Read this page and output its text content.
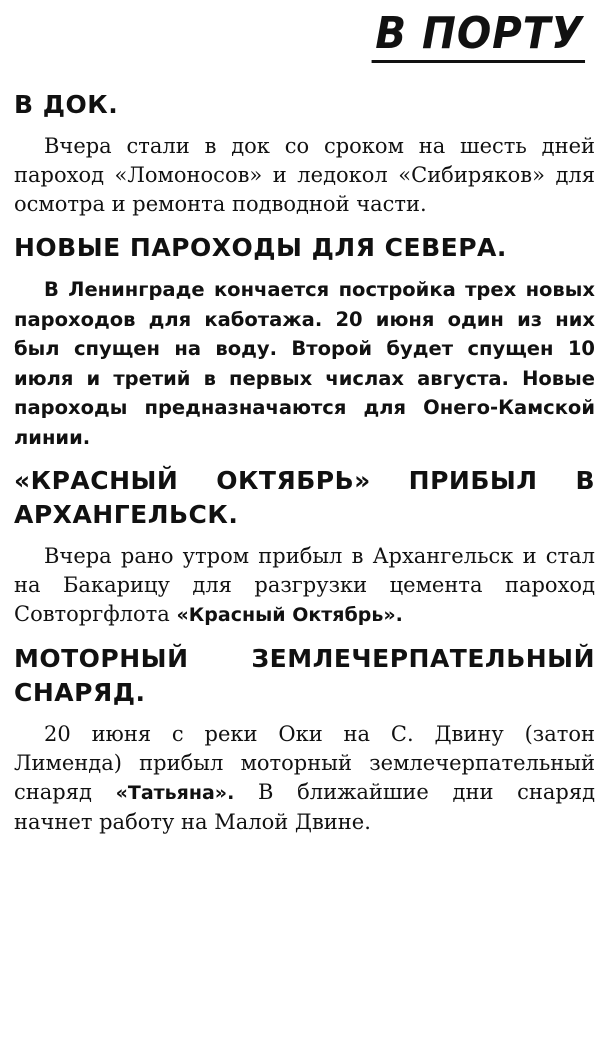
В ПОРТУ

В ДОК.

Вчера стали в док со сроком на шесть дней пароход «Ломоносов» и ледокол «Сибиряков» для осмотра и ремонта подводной части.

НОВЫЕ ПАРОХОДЫ ДЛЯ СЕВЕРА.

В Ленинграде кончается постройка трех новых пароходов для каботажа. 20 июня один из них был спущен на воду. Второй будет спущен 10 июля и третий в первых числах августа. Новые пароходы предназначаются для Онего-Камской линии.

«КРАСНЫЙ ОКТЯБРЬ» ПРИБЫЛ В АРХАНГЕЛЬСК.

Вчера рано утром прибыл в Архангельск и стал на Бакарицу для разгрузки цемента пароход Совторгфлота «Красный Октябрь».

МОТОРНЫЙ ЗЕМЛЕЧЕРПАТЕЛЬНЫЙ СНАРЯД.

20 июня с реки Оки на С. Двину (затон Лименда) прибыл моторный землечерпательный снаряд «Татьяна». В ближайшие дни снаряд начнет работу на Малой Двине.
